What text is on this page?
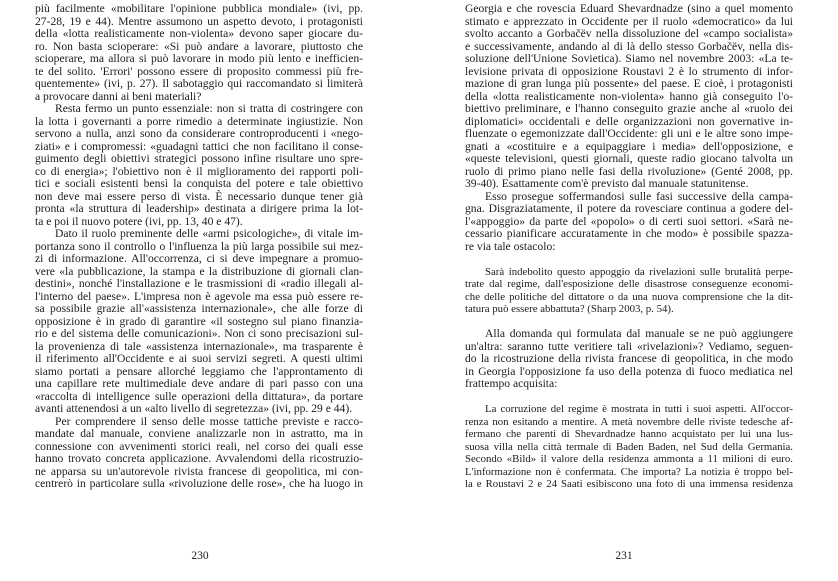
più facilmente «mobilitare l'opinione pubblica mondiale» (ivi, pp.
27-28, 19 e 44). Mentre assumono un aspetto devoto, i protagonisti
della «lotta realisticamente non-violenta» devono saper giocare du-
ro. Non basta scioperare: «Si può andare a lavorare, piuttosto che
scioperare, ma allora si può lavorare in modo più lento e inefficien-
te del solito. 'Errori' possono essere di proposito commessi più fre-
quentemente» (ivi, p. 27). Il sabotaggio qui raccomandato si limiterà
a provocare danni ai beni materiali?
Resta fermo un punto essenziale: non si tratta di costringere con
la lotta i governanti a porre rimedio a determinate ingiustizie. Non
servono a nulla, anzi sono da considerare controproducenti i «nego-
ziati» e i compromessi: «guadagni tattici che non facilitano il conse-
guimento degli obiettivi strategici possono infine risultare uno spre-
co di energia»; l'obiettivo non è il miglioramento dei rapporti poli-
tici e sociali esistenti bensì la conquista del potere e tale obiettivo
non deve mai essere perso di vista. È necessario dunque tener già
pronta «la struttura di leadership» destinata a dirigere prima la lot-
ta e poi il nuovo potere (ivi, pp. 13, 40 e 47).
Dato il ruolo preminente delle «armi psicologiche», di vitale im-
portanza sono il controllo o l'influenza la più larga possibile sui mez-
zi di informazione. All'occorrenza, ci si deve impegnare a promuo-
vere «la pubblicazione, la stampa e la distribuzione di giornali clan-
destini», nonché l'installazione e le trasmissioni di «radio illegali al-
l'interno del paese». L'impresa non è agevole ma essa può essere re-
sa possibile grazie all'«assistenza internazionale», che alle forze di
opposizione è in grado di garantire «il sostegno sul piano finanzia-
rio e del sistema delle comunicazioni». Non ci sono precisazioni sul-
la provenienza di tale «assistenza internazionale», ma trasparente è
il riferimento all'Occidente e ai suoi servizi segreti. A questi ultimi
siamo portati a pensare allorché leggiamo che l'approntamento di
una capillare rete multimediale deve andare di pari passo con una
«raccolta di intelligence sulle operazioni della dittatura», da portare
avanti attenendosi a un «alto livello di segretezza» (ivi, pp. 29 e 44).
Per comprendere il senso delle mosse tattiche previste e racco-
mandate dal manuale, conviene analizzarle non in astratto, ma in
connessione con avvenimenti storici reali, nel corso dei quali esse
hanno trovato concreta applicazione. Avvalendomi della ricostruzio-
ne apparsa su un'autorevole rivista francese di geopolitica, mi con-
centrerò in particolare sulla «rivoluzione delle rose», che ha luogo in
230
Georgia e che rovescia Eduard Shevardnadze (sino a quel momento
stimato e apprezzato in Occidente per il ruolo «democratico» da lui
svolto accanto a Gorbačëv nella dissoluzione del «campo socialista»
e successivamente, andando al di là dello stesso Gorbačëv, nella dis-
soluzione dell'Unione Sovietica). Siamo nel novembre 2003: «La te-
levisione privata di opposizione Roustavi 2 è lo strumento di infor-
mazione di gran lunga più possente» del paese. E cioè, i protagonisti
della «lotta realisticamente non-violenta» hanno già conseguito l'o-
biettivo preliminare, e l'hanno conseguito grazie anche al «ruolo dei
diplomatici» occidentali e delle organizzazioni non governative in-
fluenzate o egemonizzate dall'Occidente: gli uni e le altre sono impe-
gnati a «costituire e a equipaggiare i media» dell'opposizione, e
«queste televisioni, questi giornali, queste radio giocano talvolta un
ruolo di primo piano nelle fasi della rivoluzione» (Genté 2008, pp.
39-40). Esattamente com'è previsto dal manuale statunitense.
Esso prosegue soffermandosi sulle fasi successive della campa-
gna. Disgraziatamente, il potere da rovesciare continua a godere del-
l'«appoggio» da parte del «popolo» o di certi suoi settori. «Sarà ne-
cessario pianificare accuratamente in che modo» è possibile spazza-
re via tale ostacolo:
Sarà indebolito questo appoggio da rivelazioni sulle brutalità perpe-
trate dal regime, dall'esposizione delle disastrose conseguenze economi-
che delle politiche del dittatore o da una nuova comprensione che la dit-
tatura può essere abbattuta? (Sharp 2003, p. 54).
Alla domanda qui formulata dal manuale se ne può aggiungere
un'altra: saranno tutte veritiere tali «rivelazioni»? Vediamo, seguen-
do la ricostruzione della rivista francese di geopolitica, in che modo
in Georgia l'opposizione fa uso della potenza di fuoco mediatica nel
frattempo acquisita:
La corruzione del regime è mostrata in tutti i suoi aspetti. All'occor-
renza non esitando a mentire. A metà novembre delle riviste tedesche af-
fermano che parenti di Shevardnadze hanno acquistato per lui una lus-
suosa villa nella città termale di Baden Baden, nel Sud della Germania.
Secondo «Bild» il valore della residenza ammonta a 11 milioni di euro.
L'informazione non è confermata. Che importa? La notizia è troppo bel-
la e Roustavi 2 e 24 Saati esibiscono una foto di una immensa residenza
231
